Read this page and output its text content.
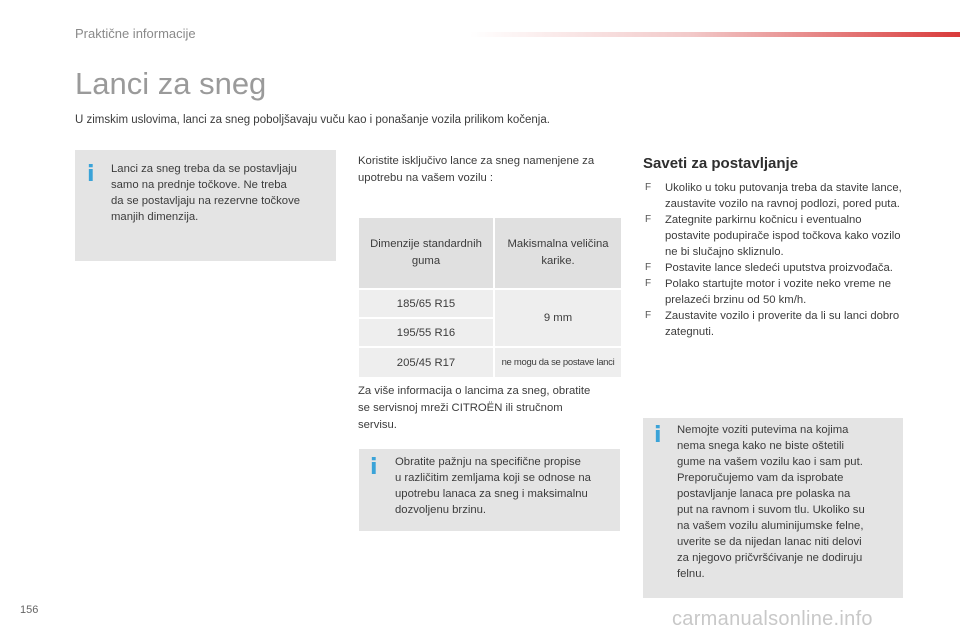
Praktične informacije
Lanci za sneg
U zimskim uslovima, lanci za sneg poboljšavaju vuču kao i ponašanje vozila prilikom kočenja.
i Lanci za sneg treba da se postavljaju
samo na prednje točkove. Ne treba
da se postavljaju na rezervne točkove
manjih dimenzija.
Koristite isključivo lance za sneg namenjene za
upotrebu na vašem vozilu :
Dimenzije standardnih guma	Makismalna veličina karike.
185/65 R15	9 mm
195/55 R16	
205/45 R17	ne mogu da se postave lanci
Za više informacija o lancima za sneg, obratite
se servisnoj mreži CITROËN ili stručnom
servisu.
i Obratite pažnju na specifične propise
u različitim zemljama koji se odnose na
upotrebu lanaca za sneg i maksimalnu
dozvoljenu brzinu.
Saveti za postavljanje
F Ukoliko u toku putovanja treba da stavite lance, zaustavite vozilo na ravnoj podlozi, pored puta.
F Zategnite parkirnu kočnicu i eventualno postavite podupirače ispod točkova kako vozilo ne bi slučajno skliznulo.
F Postavite lance sledeći uputstva proizvođača.
F Polako startujte motor i vozite neko vreme ne prelazeći brzinu od 50 km/h.
F Zaustavite vozilo i proverite da li su lanci dobro zategnuti.
i Nemojte voziti putevima na kojima
nema snega kako ne biste oštetili
gume na vašem vozilu kao i sam put.
Preporučujemo vam da isprobate
postavljanje lanaca pre polaska na
put na ravnom i suvom tlu. Ukoliko su
na vašem vozilu aluminijumske felne,
uverite se da nijedan lanac niti delovi
za njegovo pričvršćivanje ne dodiruju
felnu.
156	carmanualsonline.info
